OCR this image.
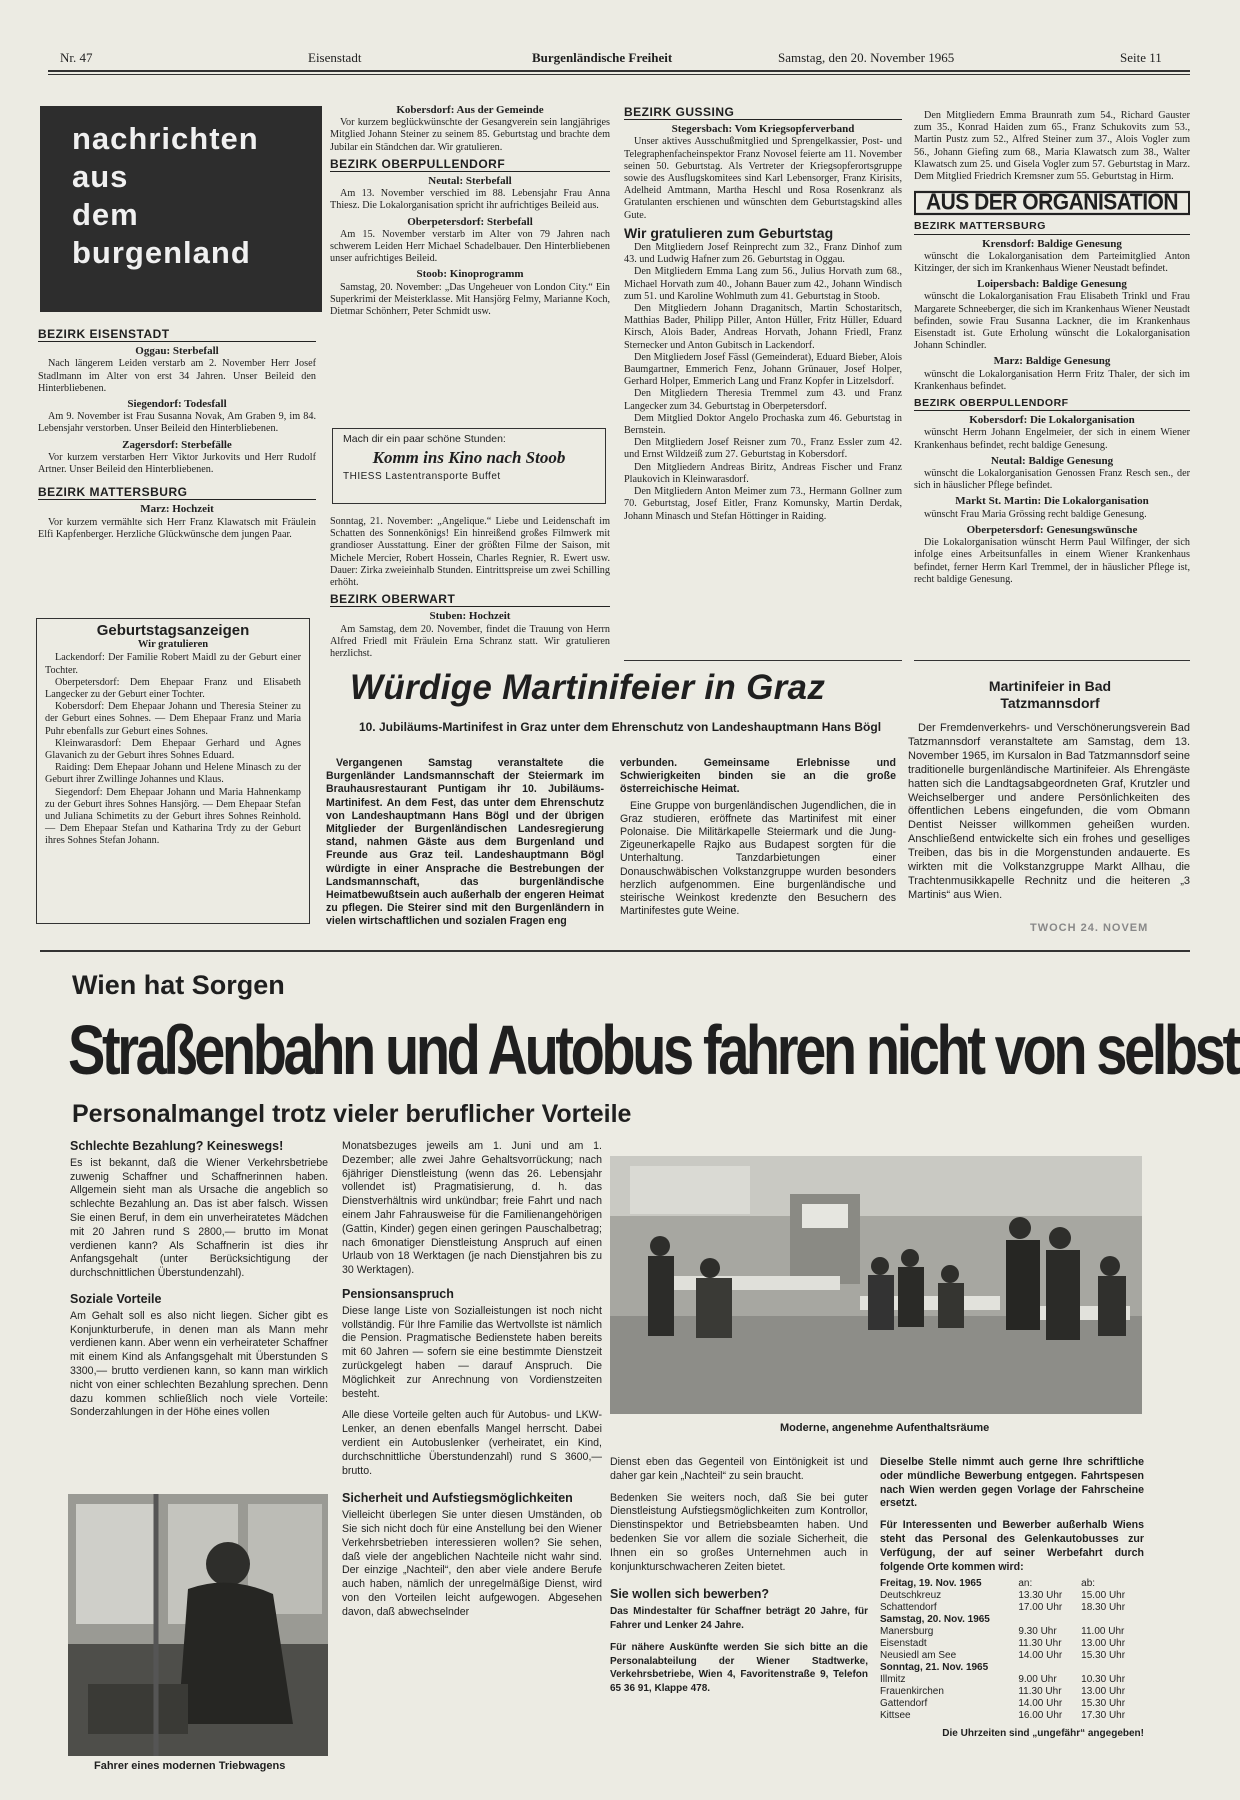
Nr. 47	Eisenstadt	Burgenländische Freiheit	Samstag, den 20. November 1965	Seite 11
nachrichten
aus
dem
burgenland
BEZIRK EISENSTADT
Oggau: Sterbefall

Nach längerem Leiden verstarb am 2. November Herr Josef Stadlmann im Alter von erst 34 Jahren. Unser Beileid den Hinterbliebenen.

Siegendorf: Todesfall

Am 9. November ist Frau Susanna Novak, Am Graben 9, im 84. Lebensjahr verstorben. Unser Beileid den Hinterbliebenen.

Zagersdorf: Sterbefälle

Vor kurzem verstarben Herr Viktor Jurkovits und Herr Rudolf Artner. Unser Beileid den Hinterbliebenen.

BEZIRK MATTERSBURG
Marz: Hochzeit

Vor kurzem vermählte sich Herr Franz Klawatsch mit Fräulein Elfi Kapfenberger. Herzliche Glückwünsche dem jungen Paar.

Geburtstagsanzeigen
Wir gratulieren

Lackendorf: Der Familie Robert Maidl zu der Geburt einer Tochter.

Oberpetersdorf: Dem Ehepaar Franz und Elisabeth Langecker zu der Geburt einer Tochter.

Kobersdorf: Dem Ehepaar Johann und Theresia Steiner zu der Geburt eines Sohnes. — Dem Ehepaar Franz und Maria Puhr ebenfalls zur Geburt eines Sohnes.

Kleinwarasdorf: Dem Ehepaar Gerhard und Agnes Glavanich zu der Geburt ihres Sohnes Eduard.

Raiding: Dem Ehepaar Johann und Helene Minasch zu der Geburt ihrer Zwillinge Johannes und Klaus.

Siegendorf: Dem Ehepaar Johann und Maria Hahnenkamp zu der Geburt ihres Sohnes Hansjörg. — Dem Ehepaar Stefan und Juliana Schimetits zu der Geburt ihres Sohnes Reinhold. — Dem Ehepaar Stefan und Katharina Trdy zu der Geburt ihres Sohnes Stefan Johann.

Kobersdorf: Aus der Gemeinde

Vor kurzem beglückwünschte der Gesangverein sein langjähriges Mitglied Johann Steiner zu seinem 85. Geburtstag und brachte dem Jubilar ein Ständchen dar. Wir gratulieren.

BEZIRK OBERPULLENDORF
Neutal: Sterbefall

Am 13. November verschied im 88. Lebensjahr Frau Anna Thiesz. Die Lokalorganisation spricht ihr aufrichtiges Beileid aus.

Oberpetersdorf: Sterbefall

Am 15. November verstarb im Alter von 79 Jahren nach schwerem Leiden Herr Michael Schadelbauer. Den Hinterbliebenen unser aufrichtiges Beileid.

Stoob: Kinoprogramm

Samstag, 20. November: „Das Ungeheuer von London City.“ Ein Superkrimi der Meisterklasse. Mit Hansjörg Felmy, Marianne Koch, Dietmar Schönherr, Peter Schmidt usw.

Mach dir ein paar schöne Stunden:
Komm ins Kino nach Stoob
THIESS Lastentransporte Buffet

Sonntag, 21. November: „Angelique.“ Liebe und Leidenschaft im Schatten des Sonnenkönigs! Ein hinreißend großes Filmwerk mit grandioser Ausstattung. Einer der größten Filme der Saison, mit Michele Mercier, Robert Hossein, Charles Regnier, R. Ewert usw. Dauer: Zirka zweieinhalb Stunden. Eintrittspreise um zwei Schilling erhöht.

BEZIRK OBERWART
Stuben: Hochzeit

Am Samstag, dem 20. November, findet die Trauung von Herrn Alfred Friedl mit Fräulein Erna Schranz statt. Wir gratulieren herzlichst.

BEZIRK GUSSING
Stegersbach: Vom Kriegsopferverband

Unser aktives Ausschußmitglied und Sprengelkassier, Post- und Telegraphenfacheinspektor Franz Novosel feierte am 11. November seinen 50. Geburtstag. Als Vertreter der Kriegsopferortsgruppe sowie des Ausflugskomitees sind Karl Lebensorger, Franz Kirisits, Adelheid Amtmann, Martha Heschl und Rosa Rosenkranz als Gratulanten erschienen und wünschten dem Geburtstagskind alles Gute.

Wir gratulieren zum Geburtstag

Den Mitgliedern Josef Reinprecht zum 32., Franz Dinhof zum 43. und Ludwig Hafner zum 26. Geburtstag in Oggau.

Den Mitgliedern Emma Lang zum 56., Julius Horvath zum 68., Michael Horvath zum 40., Johann Bauer zum 42., Johann Windisch zum 51. und Karoline Wohlmuth zum 41. Geburtstag in Stoob.

Den Mitgliedern Johann Draganitsch, Martin Schostaritsch, Matthias Bader, Philipp Piller, Anton Hüller, Fritz Hüller, Eduard Kirsch, Alois Bader, Andreas Horvath, Johann Friedl, Franz Sternecker und Anton Gubitsch in Lackendorf.

Den Mitgliedern Josef Fässl (Gemeinderat), Eduard Bieber, Alois Baumgartner, Emmerich Fenz, Johann Grünauer, Josef Holper, Gerhard Holper, Emmerich Lang und Franz Kopfer in Litzelsdorf.

Den Mitgliedern Theresia Tremmel zum 43. und Franz Langecker zum 34. Geburtstag in Oberpetersdorf.

Dem Mitglied Doktor Angelo Prochaska zum 46. Geburtstag in Bernstein.

Den Mitgliedern Josef Reisner zum 70., Franz Essler zum 42. und Ernst Wildzeiß zum 27. Geburtstag in Kobersdorf.

Den Mitgliedern Andreas Biritz, Andreas Fischer und Franz Plaukovich in Kleinwarasdorf.

Den Mitgliedern Anton Meimer zum 73., Hermann Gollner zum 70. Geburtstag, Josef Eitler, Franz Komunsky, Martin Derdak, Johann Minasch und Stefan Höttinger in Raiding.

Den Mitgliedern Emma Braunrath zum 54., Richard Gauster zum 35., Konrad Haiden zum 65., Franz Schukovits zum 53., Martin Pustz zum 52., Alfred Steiner zum 37., Alois Vogler zum 56., Johann Giefing zum 68., Maria Klawatsch zum 38., Walter Klawatsch zum 25. und Gisela Vogler zum 57. Geburtstag in Marz. Dem Mitglied Friedrich Kremsner zum 55. Geburtstag in Hirm.

AUS DER ORGANISATION
BEZIRK MATTERSBURG
Krensdorf: Baldige Genesung

wünscht die Lokalorganisation dem Parteimitglied Anton Kitzinger, der sich im Krankenhaus Wiener Neustadt befindet.

Loipersbach: Baldige Genesung

wünscht die Lokalorganisation Frau Elisabeth Trinkl und Frau Margarete Schneeberger, die sich im Krankenhaus Wiener Neustadt befinden, sowie Frau Susanna Lackner, die im Krankenhaus Eisenstadt ist. Gute Erholung wünscht die Lokalorganisation Johann Schindler.

Marz: Baldige Genesung

wünscht die Lokalorganisation Herrn Fritz Thaler, der sich im Krankenhaus befindet.

BEZIRK OBERPULLENDORF
Kobersdorf: Die Lokalorganisation

wünscht Herrn Johann Engelmeier, der sich in einem Wiener Krankenhaus befindet, recht baldige Genesung.

Neutal: Baldige Genesung

wünscht die Lokalorganisation Genossen Franz Resch sen., der sich in häuslicher Pflege befindet.

Markt St. Martin: Die Lokalorganisation

wünscht Frau Maria Grössing recht baldige Genesung.

Oberpetersdorf: Genesungswünsche

Die Lokalorganisation wünscht Herrn Paul Wilfinger, der sich infolge eines Arbeitsunfalles in einem Wiener Krankenhaus befindet, ferner Herrn Karl Tremmel, der in häuslicher Pflege ist, recht baldige Genesung.

Würdige Martinifeier in Graz
10. Jubiläums-Martinifest in Graz unter dem Ehrenschutz von Landeshauptmann Hans Bögl
Vergangenen Samstag veranstaltete die Burgenländer Landsmannschaft der Steiermark im Brauhausrestaurant Puntigam ihr 10. Jubiläums-Martinifest. An dem Fest, das unter dem Ehrenschutz von Landeshauptmann Hans Bögl und der übrigen Mitglieder der Burgenländischen Landesregierung stand, nahmen Gäste aus dem Burgenland und Freunde aus Graz teil. Landeshauptmann Bögl würdigte in einer Ansprache die Bestrebungen der Landsmannschaft, das burgenländische Heimatbewußtsein auch außerhalb der engeren Heimat zu pflegen. Die Steirer sind mit den Burgenländern in vielen wirtschaftlichen und sozialen Fragen eng
verbunden. Gemeinsame Erlebnisse und Schwierigkeiten binden sie an die große österreichische Heimat.
Eine Gruppe von burgenländischen Jugendlichen, die in Graz studieren, eröffnete das Martinifest mit einer Polonaise. Die Militärkapelle Steiermark und die Jung-Zigeunerkapelle Rajko aus Budapest sorgten für die Unterhaltung. Tanzdarbietungen einer Donauschwäbischen Volkstanzgruppe wurden besonders herzlich aufgenommen. Eine burgenländische und steirische Weinkost kredenzte den Besuchern des Martinifestes gute Weine.
Martinifeier in Bad Tatzmannsdorf
Der Fremdenverkehrs- und Verschönerungsverein Bad Tatzmannsdorf veranstaltete am Samstag, dem 13. November 1965, im Kursalon in Bad Tatzmannsdorf seine traditionelle burgenländische Martinifeier. Als Ehrengäste hatten sich die Landtagsabgeordneten Graf, Krutzler und Weichselberger und andere Persönlichkeiten des öffentlichen Lebens eingefunden, die vom Obmann Dentist Neisser willkommen geheißen wurden. Anschließend entwickelte sich ein frohes und geselliges Treiben, das bis in die Morgenstunden andauerte. Es wirkten mit die Volkstanzgruppe Markt Allhau, die Trachtenmusikkapelle Rechnitz und die heiteren „3 Martinis“ aus Wien.
TWOCH 24. NOVEM
Wien hat Sorgen
Straßenbahn und Autobus fahren nicht von selbst
Personalmangel trotz vieler beruflicher Vorteile
Schlechte Bezahlung? Keineswegs!

Es ist bekannt, daß die Wiener Verkehrsbetriebe zuwenig Schaffner und Schaffnerinnen haben. Allgemein sieht man als Ursache die angeblich so schlechte Bezahlung an. Das ist aber falsch. Wissen Sie einen Beruf, in dem ein unverheiratetes Mädchen mit 20 Jahren rund S 2800,— brutto im Monat verdienen kann? Als Schaffnerin ist dies ihr Anfangsgehalt (unter Berücksichtigung der durchschnittlichen Überstundenzahl).

Soziale Vorteile

Am Gehalt soll es also nicht liegen. Sicher gibt es Konjunkturberufe, in denen man als Mann mehr verdienen kann. Aber wenn ein verheirateter Schaffner mit einem Kind als Anfangsgehalt mit Überstunden S 3300,— brutto verdienen kann, so kann man wirklich nicht von einer schlechten Bezahlung sprechen. Denn dazu kommen schließlich noch viele Vorteile: Sonderzahlungen in der Höhe eines vollen

Fahrer eines modernen Triebwagens

Monatsbezuges jeweils am 1. Juni und am 1. Dezember; alle zwei Jahre Gehaltsvorrückung; nach 6jähriger Dienstleistung (wenn das 26. Lebensjahr vollendet ist) Pragmatisierung, d. h. das Dienstverhältnis wird unkündbar; freie Fahrt und nach einem Jahr Fahrausweise für die Familienangehörigen (Gattin, Kinder) gegen einen geringen Pauschalbetrag; nach 6monatiger Dienstleistung Anspruch auf einen Urlaub von 18 Werktagen (je nach Dienstjahren bis zu 30 Werktagen).

Pensionsanspruch

Diese lange Liste von Sozialleistungen ist noch nicht vollständig. Für Ihre Familie das Wertvollste ist nämlich die Pension. Pragmatische Bedienstete haben bereits mit 60 Jahren — sofern sie eine bestimmte Dienstzeit zurückgelegt haben — darauf Anspruch. Die Möglichkeit zur Anrechnung von Vordienstzeiten besteht.

Alle diese Vorteile gelten auch für Autobus- und LKW-Lenker, an denen ebenfalls Mangel herrscht. Dabei verdient ein Autobuslenker (verheiratet, ein Kind, durchschnittliche Überstundenzahl) rund S 3600,— brutto.

Sicherheit und Aufstiegsmöglichkeiten

Vielleicht überlegen Sie unter diesen Umständen, ob Sie sich nicht doch für eine Anstellung bei den Wiener Verkehrsbetrieben interessieren wollen? Sie sehen, daß viele der angeblichen Nachteile nicht wahr sind. Der einzige „Nachteil“, den aber viele andere Berufe auch haben, nämlich der unregelmäßige Dienst, wird von den Vorteilen leicht aufgewogen. Abgesehen davon, daß abwechselnder

Moderne, angenehme Aufenthaltsräume

Dienst eben das Gegenteil von Eintönigkeit ist und daher gar kein „Nachteil“ zu sein braucht.

Bedenken Sie weiters noch, daß Sie bei guter Dienstleistung Aufstiegsmöglichkeiten zum Kontrollor, Dienstinspektor und Betriebsbeamten haben. Und bedenken Sie vor allem die soziale Sicherheit, die Ihnen ein so großes Unternehmen auch in konjunkturschwacheren Zeiten bietet.

Sie wollen sich bewerben?

Das Mindestalter für Schaffner beträgt 20 Jahre, für Fahrer und Lenker 24 Jahre.

Für nähere Auskünfte werden Sie sich bitte an die Personalabteilung der Wiener Stadtwerke, Verkehrsbetriebe, Wien 4, Favoritenstraße 9, Telefon 65 36 91, Klappe 478.

Dieselbe Stelle nimmt auch gerne Ihre schriftliche oder mündliche Bewerbung entgegen. Fahrtspesen nach Wien werden gegen Vorlage der Fahrscheine ersetzt.

Für Interessenten und Bewerber außerhalb Wiens steht das Personal des Gelenkautobusses zur Verfügung, der auf seiner Werbefahrt durch folgende Orte kommen wird:

Freitag, 19. Nov. 1965	an:	ab:
Deutschkreuz	13.30 Uhr	15.00 Uhr
Schattendorf	17.00 Uhr	18.30 Uhr
Samstag, 20. Nov. 1965		
Manersburg	9.30 Uhr	11.00 Uhr
Eisenstadt	11.30 Uhr	13.00 Uhr
Neusiedl am See	14.00 Uhr	15.30 Uhr
Sonntag, 21. Nov. 1965		
Illmitz	9.00 Uhr	10.30 Uhr
Frauenkirchen	11.30 Uhr	13.00 Uhr
Gattendorf	14.00 Uhr	15.30 Uhr
Kittsee	16.00 Uhr	17.30 Uhr
Die Uhrzeiten sind „ungefähr“ angegeben!
